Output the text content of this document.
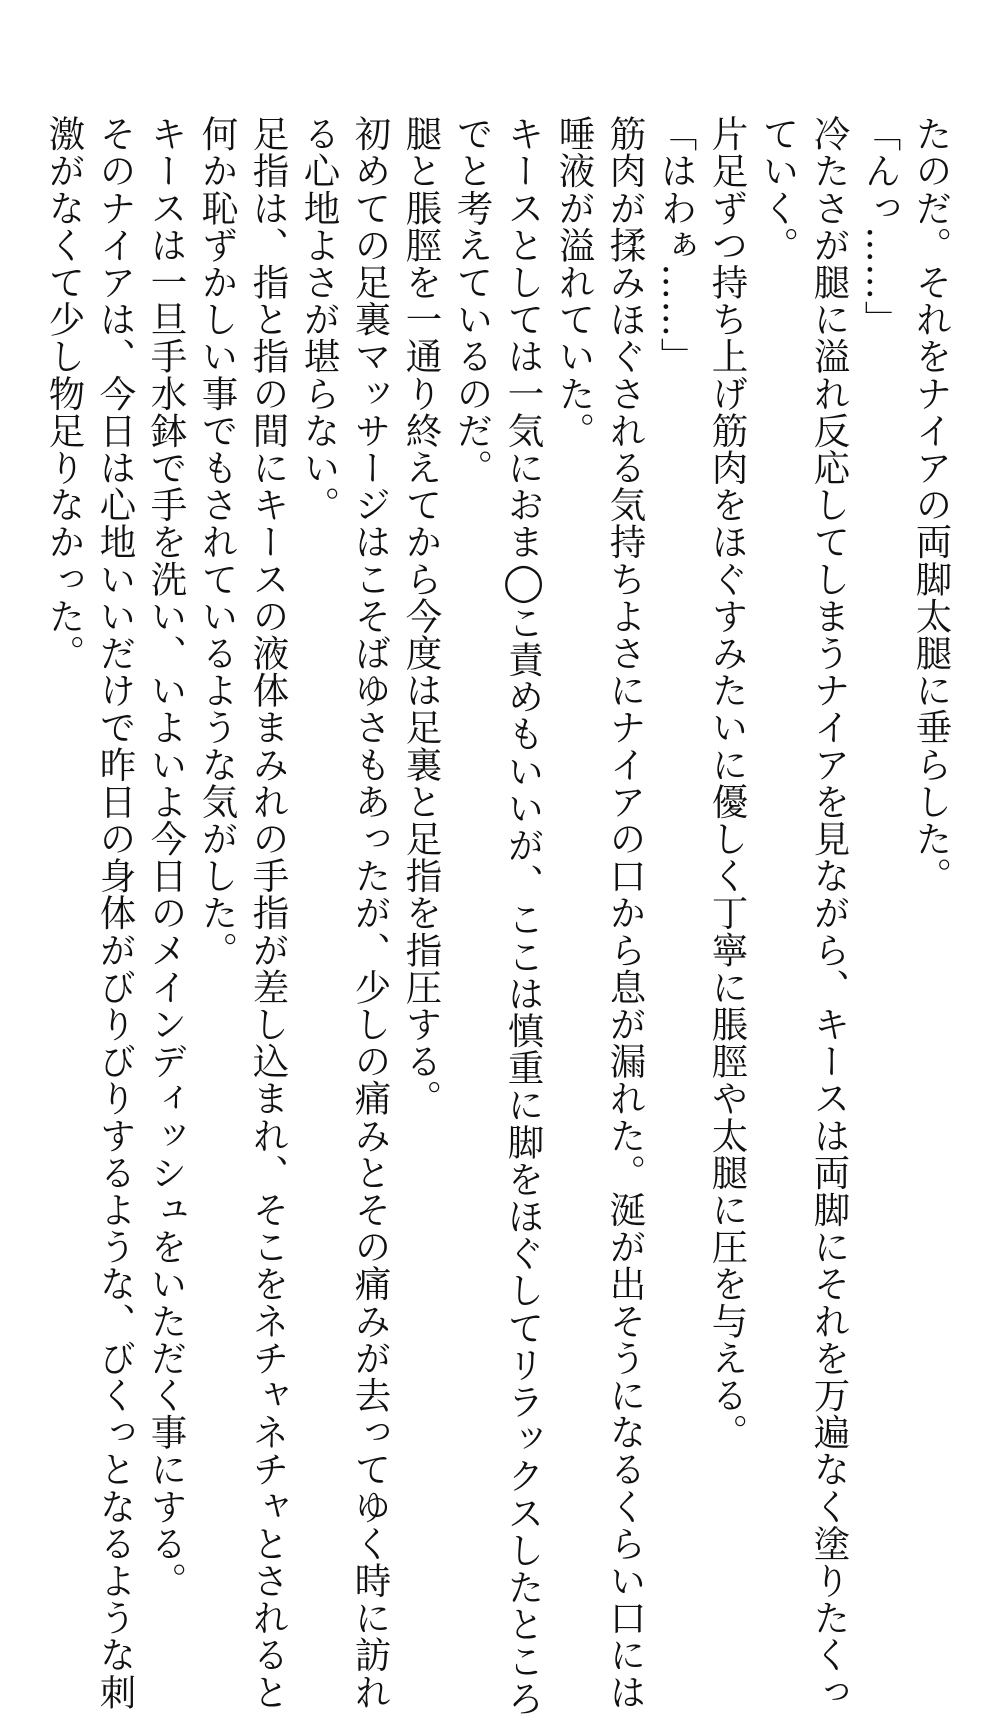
たのだ。それをナイアの両脚太腿に垂らした。
「んっ……」
冷たさが腿に溢れ反応してしまうナイアを見ながら、キースは両脚にそれを万遍なく塗りたくっ
ていく。
片足ずつ持ち上げ筋肉をほぐすみたいに優しく丁寧に脹脛や太腿に圧を与える。
「はわぁ……」
筋肉が揉みほぐされる気持ちよさにナイアの口から息が漏れた。涎が出そうになるくらい口には
唾液が溢れていた。
キースとしては一気におま◯こ責めもいいが、ここは慎重に脚をほぐしてリラックスしたところ
でと考えているのだ。
腿と脹脛を一通り終えてから今度は足裏と足指を指圧する。
初めての足裏マッサージはこそばゆさもあったが、少しの痛みとその痛みが去ってゆく時に訪れ
る心地よさが堪らない。
足指は、指と指の間にキースの液体まみれの手指が差し込まれ、そこをネチャネチャとされると
何か恥ずかしい事でもされているような気がした。
キースは一旦手水鉢で手を洗い、いよいよ今日のメインディッシュをいただく事にする。
そのナイアは、今日は心地いいだけで昨日の身体がびりびりするような、びくっとなるような刺
激がなくて少し物足りなかった。
